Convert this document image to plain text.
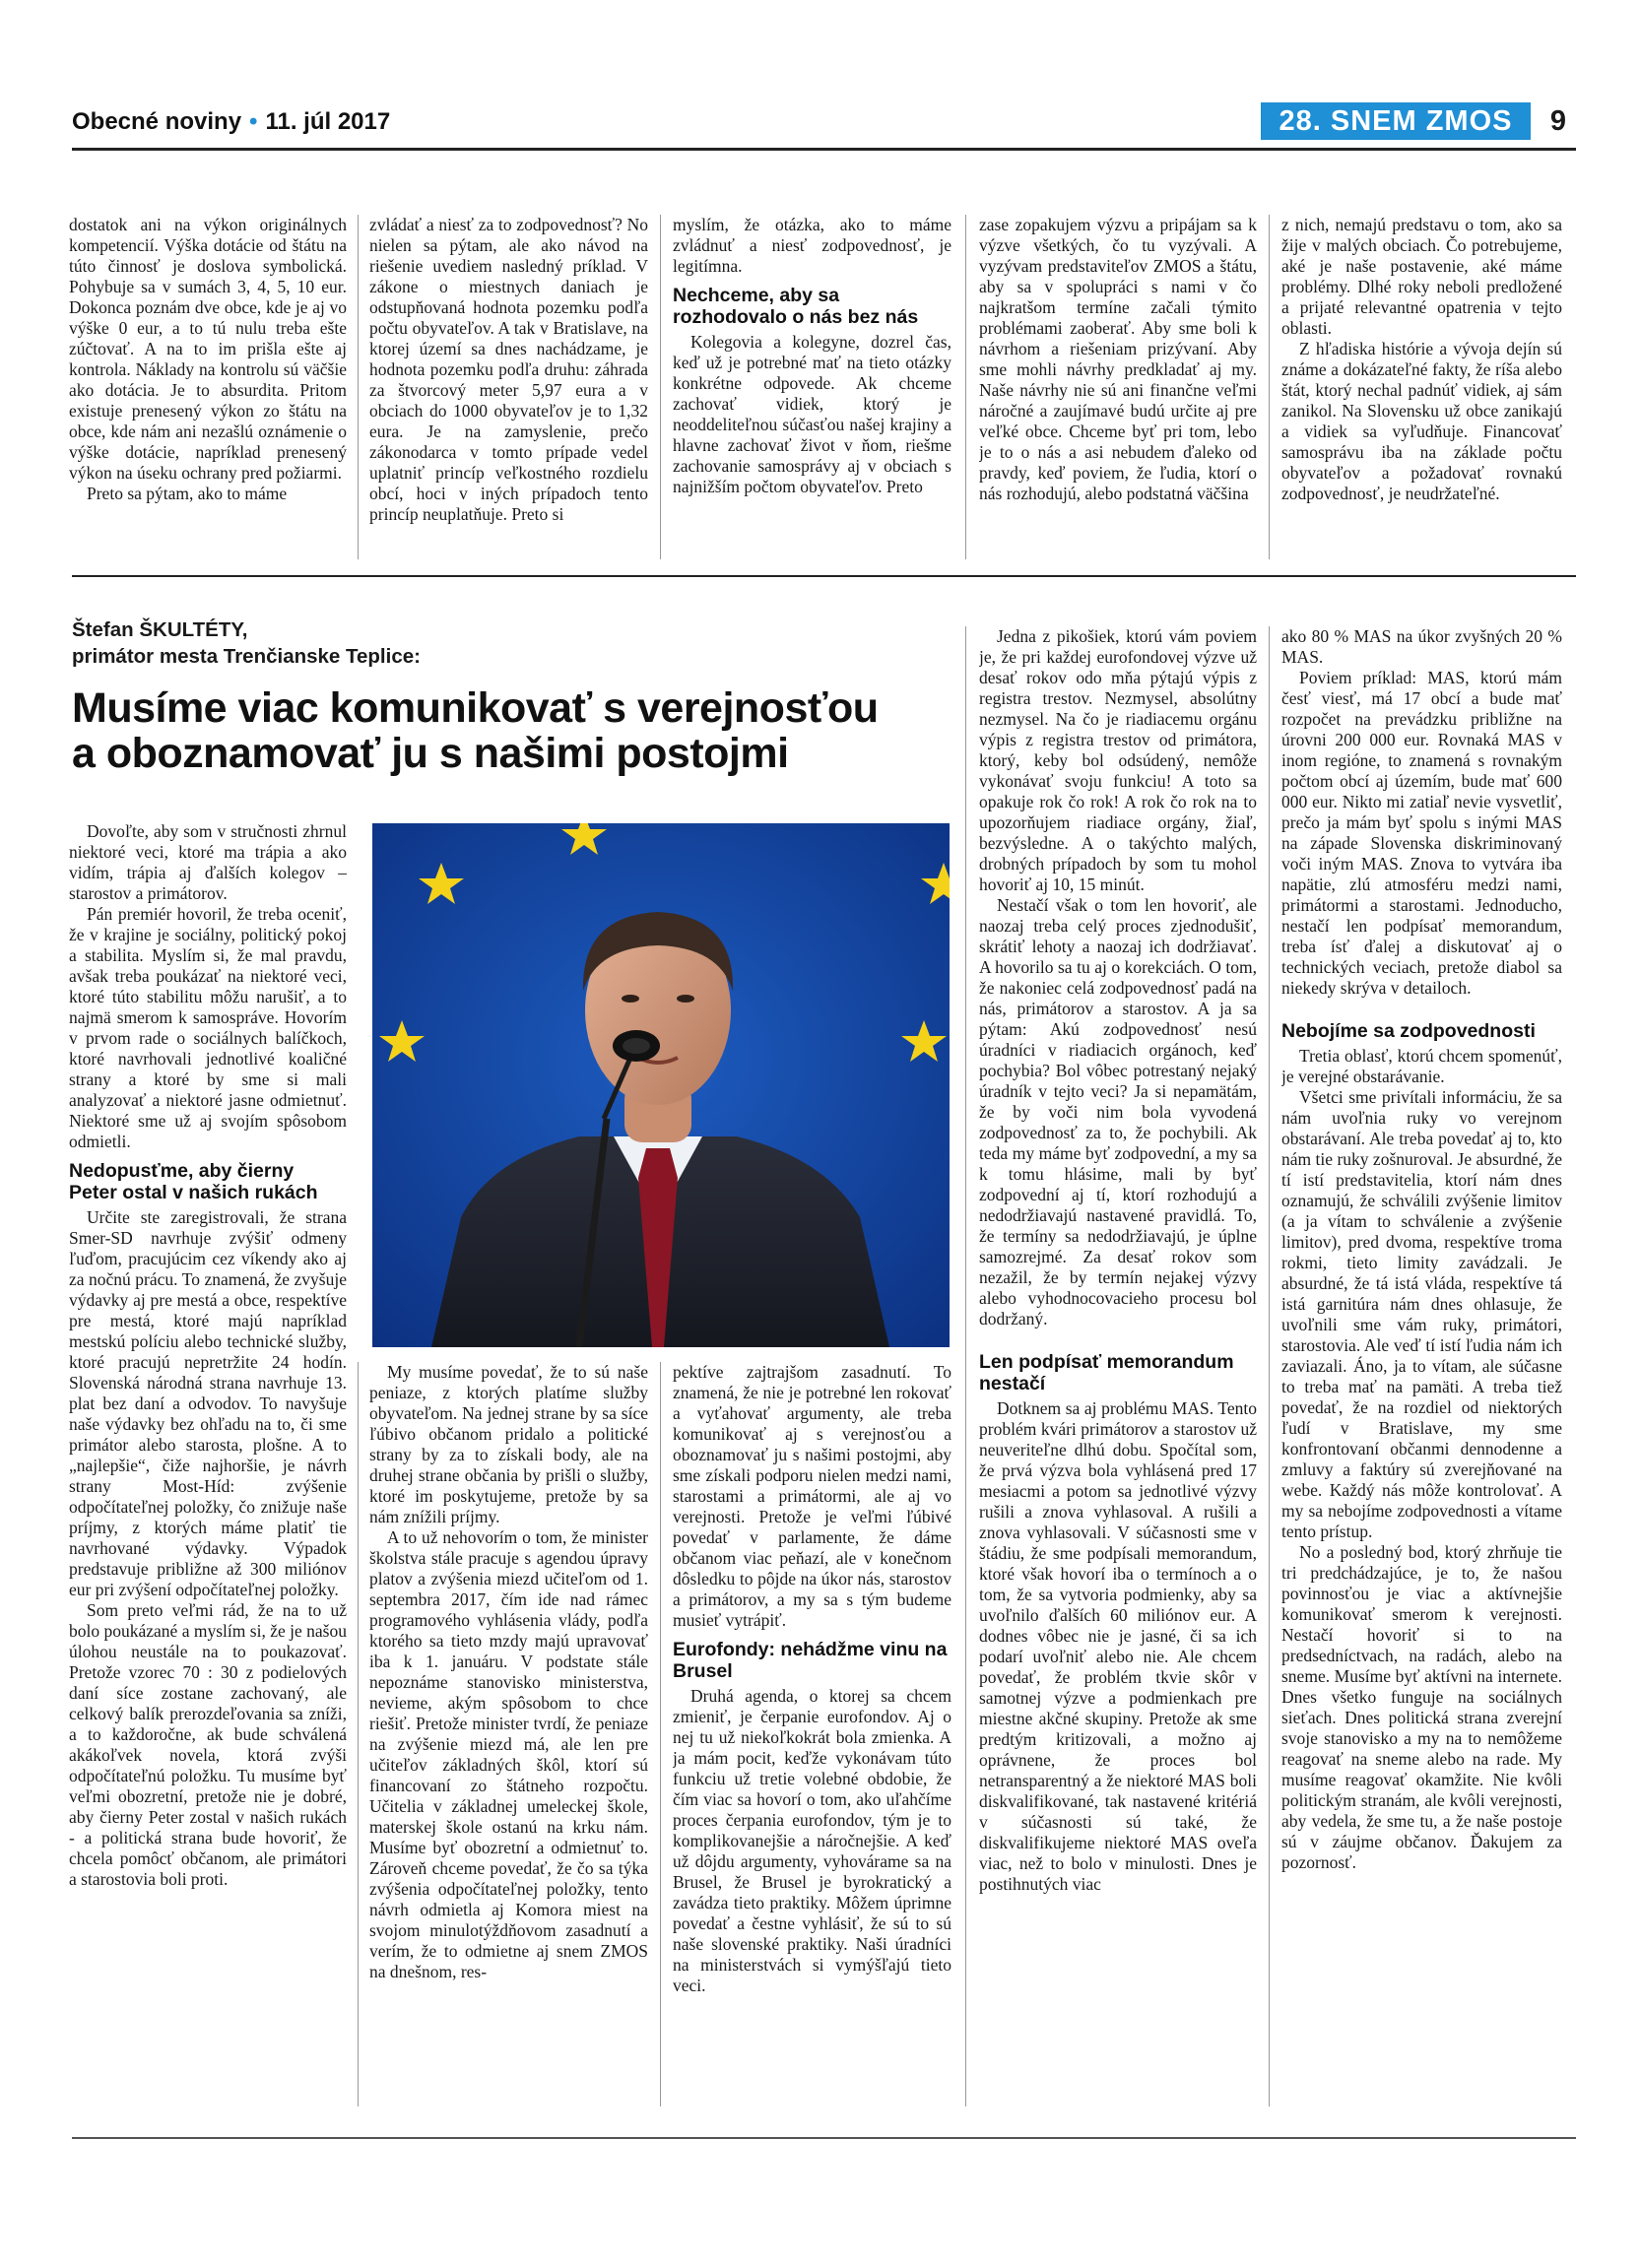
Obecné noviny • 11. júl 2017	28. SNEM ZMOS	9

dostatok ani na výkon originálnych kompetencií. Výška dotácie od štátu na túto činnosť je doslova symbolická. Pohybuje sa v sumách 3, 4, 5, 10 eur. Dokonca poznám dve obce, kde je aj vo výške 0 eur, a to tú nulu treba ešte zúčtovať. A na to im prišla ešte aj kontrola. Náklady na kontrolu sú väčšie ako dotácia. Je to absurdita. Pritom existuje prenesený výkon zo štátu na obce, kde nám ani nezašlú oznámenie o výške dotácie, napríklad prenesený výkon na úseku ochrany pred požiarmi.

Preto sa pýtam, ako to máme

zvládať a niesť za to zodpovednosť? No nielen sa pýtam, ale ako návod na riešenie uvediem nasledný príklad. V zákone o miestnych daniach je odstupňovaná hodnota pozemku podľa počtu obyvateľov. A tak v Bratislave, na ktorej území sa dnes nachádzame, je hodnota pozemku podľa druhu: záhrada za štvorcový meter 5,97 eura a v obciach do 1000 obyvateľov je to 1,32 eura. Je na zamyslenie, prečo zákonodarca v tomto prípade vedel uplatniť princíp veľkostného rozdielu obcí, hoci v iných prípadoch tento princíp neuplatňuje. Preto si

myslím, že otázka, ako to máme zvládnuť a niesť zodpovednosť, je legitímna.

Nechceme, aby sa rozhodovalo o nás bez nás

Kolegovia a kolegyne, dozrel čas, keď už je potrebné mať na tieto otázky konkrétne odpovede. Ak chceme zachovať vidiek, ktorý je neoddeliteľnou súčasťou našej krajiny a hlavne zachovať život v ňom, riešme zachovanie samosprávy aj v obciach s najnižším počtom obyvateľov. Preto

zase zopakujem výzvu a pripájam sa k výzve všetkých, čo tu vyzývali. A vyzývam predstaviteľov ZMOS a štátu, aby sa v spolupráci s nami v čo najkratšom termíne začali týmito problémami zaoberať. Aby sme boli k návrhom a riešeniam prizývaní. Aby sme mohli návrhy predkladať aj my. Naše návrhy nie sú ani finančne veľmi náročné a zaujímavé budú určite aj pre veľké obce. Chceme byť pri tom, lebo je to o nás a asi nebudem ďaleko od pravdy, keď poviem, že ľudia, ktorí o nás rozhodujú, alebo podstatná väčšina

z nich, nemajú predstavu o tom, ako sa žije v malých obciach. Čo potrebujeme, aké je naše postavenie, aké máme problémy. Dlhé roky neboli predložené a prijaté relevantné opatrenia v tejto oblasti.

Z hľadiska histórie a vývoja dejín sú známe a dokázateľné fakty, že ríša alebo štát, ktorý nechal padnúť vidiek, aj sám zanikol. Na Slovensku už obce zanikajú a vidiek sa vyľudňuje. Financovať samosprávu iba na základe počtu obyvateľov a požadovať rovnakú zodpovednosť, je neudržateľné.

Štefan ŠKULTÉTY,
primátor mesta Trenčianske Teplice:
Musíme viac komunikovať s verejnosťou
a oboznamovať ju s našimi postojmi

Dovoľte, aby som v stručnosti zhrnul niektoré veci, ktoré ma trápia a ako vidím, trápia aj ďalších kolegov – starostov a primátorov.

Pán premiér hovoril, že treba oceniť, že v krajine je sociálny, politický pokoj a stabilita. Myslím si, že mal pravdu, avšak treba poukázať na niektoré veci, ktoré túto stabilitu môžu narušiť, a to najmä smerom k samospráve. Hovorím v prvom rade o sociálnych balíčkoch, ktoré navrhovali jednotlivé koaličné strany a ktoré by sme si mali analyzovať a niektoré jasne odmietnuť. Niektoré sme už aj svojím spôsobom odmietli.

Nedopusťme, aby čierny Peter ostal v našich rukách

Určite ste zaregistrovali, že strana Smer-SD navrhuje zvýšiť odmeny ľuďom, pracujúcim cez víkendy ako aj za nočnú prácu. To znamená, že zvyšuje výdavky aj pre mestá a obce, respektíve pre mestá, ktoré majú napríklad mestskú políciu alebo technické služby, ktoré pracujú nepretržite 24 hodín. Slovenská národná strana navrhuje 13. plat bez daní a odvodov. To navyšuje naše výdavky bez ohľadu na to, či sme primátor alebo starosta, plošne. A to „najlepšie“, čiže najhoršie, je návrh strany Most-Híd: zvýšenie odpočítateľnej položky, čo znižuje naše príjmy, z ktorých máme platiť tie navrhované výdavky. Výpadok predstavuje približne až 300 miliónov eur pri zvýšení odpočítateľnej položky.

Som preto veľmi rád, že na to už bolo poukázané a myslím si, že je našou úlohou neustále na to poukazovať. Pretože vzorec 70 : 30 z podielových daní síce zostane zachovaný, ale celkový balík prerozdeľovania sa zníži, a to každoročne, ak bude schválená akákoľvek novela, ktorá zvýši odpočítateľnú položku. Tu musíme byť veľmi obozretní, pretože nie je dobré, aby čierny Peter zostal v našich rukách - a politická strana bude hovoriť, že chcela pomôcť občanom, ale primátori a starostovia boli proti.

My musíme povedať, že to sú naše peniaze, z ktorých platíme služby obyvateľom. Na jednej strane by sa síce ľúbivo občanom pridalo a politické strany by za to získali body, ale na druhej strane občania by prišli o služby, ktoré im poskytujeme, pretože by sa nám znížili príjmy.

A to už nehovorím o tom, že minister školstva stále pracuje s agendou úpravy platov a zvýšenia miezd učiteľom od 1. septembra 2017, čím ide nad rámec programového vyhlásenia vlády, podľa ktorého sa tieto mzdy majú upravovať iba k 1. januáru. V podstate stále nepoznáme stanovisko ministerstva, nevieme, akým spôsobom to chce riešiť. Pretože minister tvrdí, že peniaze na zvýšenie miezd má, ale len pre učiteľov základných škôl, ktorí sú financovaní zo štátneho rozpočtu. Učitelia v základnej umeleckej škole, materskej škole ostanú na krku nám. Musíme byť obozretní a odmietnuť to. Zároveň chceme povedať, že čo sa týka zvýšenia odpočítateľnej položky, tento návrh odmietla aj Komora miest na svojom minulotýždňovom zasadnutí a verím, že to odmietne aj snem ZMOS na dnešnom, res-

pektíve zajtrajšom zasadnutí. To znamená, že nie je potrebné len rokovať a vyťahovať argumenty, ale treba komunikovať aj s verejnosťou a oboznamovať ju s našimi postojmi, aby sme získali podporu nielen medzi nami, starostami a primátormi, ale aj vo verejnosti. Pretože je veľmi ľúbivé povedať v parlamente, že dáme občanom viac peňazí, ale v konečnom dôsledku to pôjde na úkor nás, starostov a primátorov, a my sa s tým budeme musieť vytrápiť.

Eurofondy: nehádžme vinu na Brusel

Druhá agenda, o ktorej sa chcem zmieniť, je čerpanie eurofondov. Aj o nej tu už niekoľkokrát bola zmienka. A ja mám pocit, keďže vykonávam túto funkciu už tretie volebné obdobie, že čím viac sa hovorí o tom, ako uľahčíme proces čerpania eurofondov, tým je to komplikovanejšie a náročnejšie. A keď už dôjdu argumenty, vyhovárame sa na Brusel, že Brusel je byrokratický a zavádza tieto praktiky. Môžem úprimne povedať a čestne vyhlásiť, že sú to sú naše slovenské praktiky. Naši úradníci na ministerstvách si vymýšľajú tieto veci.

Jedna z pikošiek, ktorú vám poviem je, že pri každej eurofondovej výzve už desať rokov odo mňa pýtajú výpis z registra trestov. Nezmysel, absolútny nezmysel. Na čo je riadiacemu orgánu výpis z registra trestov od primátora, ktorý, keby bol odsúdený, nemôže vykonávať svoju funkciu! A toto sa opakuje rok čo rok! A rok čo rok na to upozorňujem riadiace orgány, žiaľ, bezvýsledne. A o takýchto malých, drobných prípadoch by som tu mohol hovoriť aj 10, 15 minút.

Nestačí však o tom len hovoriť, ale naozaj treba celý proces zjednodušiť, skrátiť lehoty a naozaj ich dodržiavať. A hovorilo sa tu aj o korekciách. O tom, že nakoniec celá zodpovednosť padá na nás, primátorov a starostov. A ja sa pýtam: Akú zodpovednosť nesú úradníci v riadiacich orgánoch, keď pochybia? Bol vôbec potrestaný nejaký úradník v tejto veci? Ja si nepamätám, že by voči nim bola vyvodená zodpovednosť za to, že pochybili. Ak teda my máme byť zodpovední, a my sa k tomu hlásime, mali by byť zodpovední aj tí, ktorí rozhodujú a nedodržiavajú nastavené pravidlá. To, že termíny sa nedodržiavajú, je úplne samozrejmé. Za desať rokov som nezažil, že by termín nejakej výzvy alebo vyhodnocovacieho procesu bol dodržaný.

Len podpísať memorandum nestačí

Dotknem sa aj problému MAS. Tento problém kvári primátorov a starostov už neuveriteľne dlhú dobu. Spočítal som, že prvá výzva bola vyhlásená pred 17 mesiacmi a potom sa jednotlivé výzvy rušili a znova vyhlasoval. A rušili a znova vyhlasovali. V súčasnosti sme v štádiu, že sme podpísali memorandum, ktoré však hovorí iba o termínoch a o tom, že sa vytvoria podmienky, aby sa uvoľnilo ďalších 60 miliónov eur. A dodnes vôbec nie je jasné, či sa ich podarí uvoľniť alebo nie. Ale chcem povedať, že problém tkvie skôr v samotnej výzve a podmienkach pre miestne akčné skupiny. Pretože ak sme predtým kritizovali, a možno aj oprávnene, že proces bol netransparentný a že niektoré MAS boli diskvalifikované, tak nastavené kritériá v súčasnosti sú také, že diskvalifikujeme niektoré MAS oveľa viac, než to bolo v minulosti. Dnes je postihnutých viac

ako 80 % MAS na úkor zvyšných 20 % MAS.

Poviem príklad: MAS, ktorú mám česť viesť, má 17 obcí a bude mať rozpočet na prevádzku približne na úrovni 200 000 eur. Rovnaká MAS v inom regióne, to znamená s rovnakým počtom obcí aj územím, bude mať 600 000 eur. Nikto mi zatiaľ nevie vysvetliť, prečo ja mám byť spolu s inými MAS na západe Slovenska diskriminovaný voči iným MAS. Znova to vytvára iba napätie, zlú atmosféru medzi nami, primátormi a starostami. Jednoducho, nestačí len podpísať memorandum, treba ísť ďalej a diskutovať aj o technických veciach, pretože diabol sa niekedy skrýva v detailoch.

Nebojíme sa zodpovednosti

Tretia oblasť, ktorú chcem spomenúť, je verejné obstarávanie.

Všetci sme privítali informáciu, že sa nám uvoľnia ruky vo verejnom obstarávaní. Ale treba povedať aj to, kto nám tie ruky zošnuroval. Je absurdné, že tí istí predstavitelia, ktorí nám dnes oznamujú, že schválili zvýšenie limitov (a ja vítam to schválenie a zvýšenie limitov), pred dvoma, respektíve troma rokmi, tieto limity zavádzali. Je absurdné, že tá istá vláda, respektíve tá istá garnitúra nám dnes ohlasuje, že uvoľnili sme vám ruky, primátori, starostovia. Ale veď tí istí ľudia nám ich zaviazali. Áno, ja to vítam, ale súčasne to treba mať na pamäti. A treba tiež povedať, že na rozdiel od niektorých ľudí v Bratislave, my sme konfrontovaní občanmi dennodenne a zmluvy a faktúry sú zverejňované na webe. Každý nás môže kontrolovať. A my sa nebojíme zodpovednosti a vítame tento prístup.

No a posledný bod, ktorý zhrňuje tie tri predchádzajúce, je to, že našou povinnosťou je viac a aktívnejšie komunikovať smerom k verejnosti. Nestačí hovoriť si to na predsedníctvach, na radách, alebo na sneme. Musíme byť aktívni na internete. Dnes všetko funguje na sociálnych sieťach. Dnes politická strana zverejní svoje stanovisko a my na to nemôžeme reagovať na sneme alebo na rade. My musíme reagovať okamžite. Nie kvôli politickým stranám, ale kvôli verejnosti, aby vedela, že sme tu, a že naše postoje sú v záujme občanov. Ďakujem za pozornosť.
